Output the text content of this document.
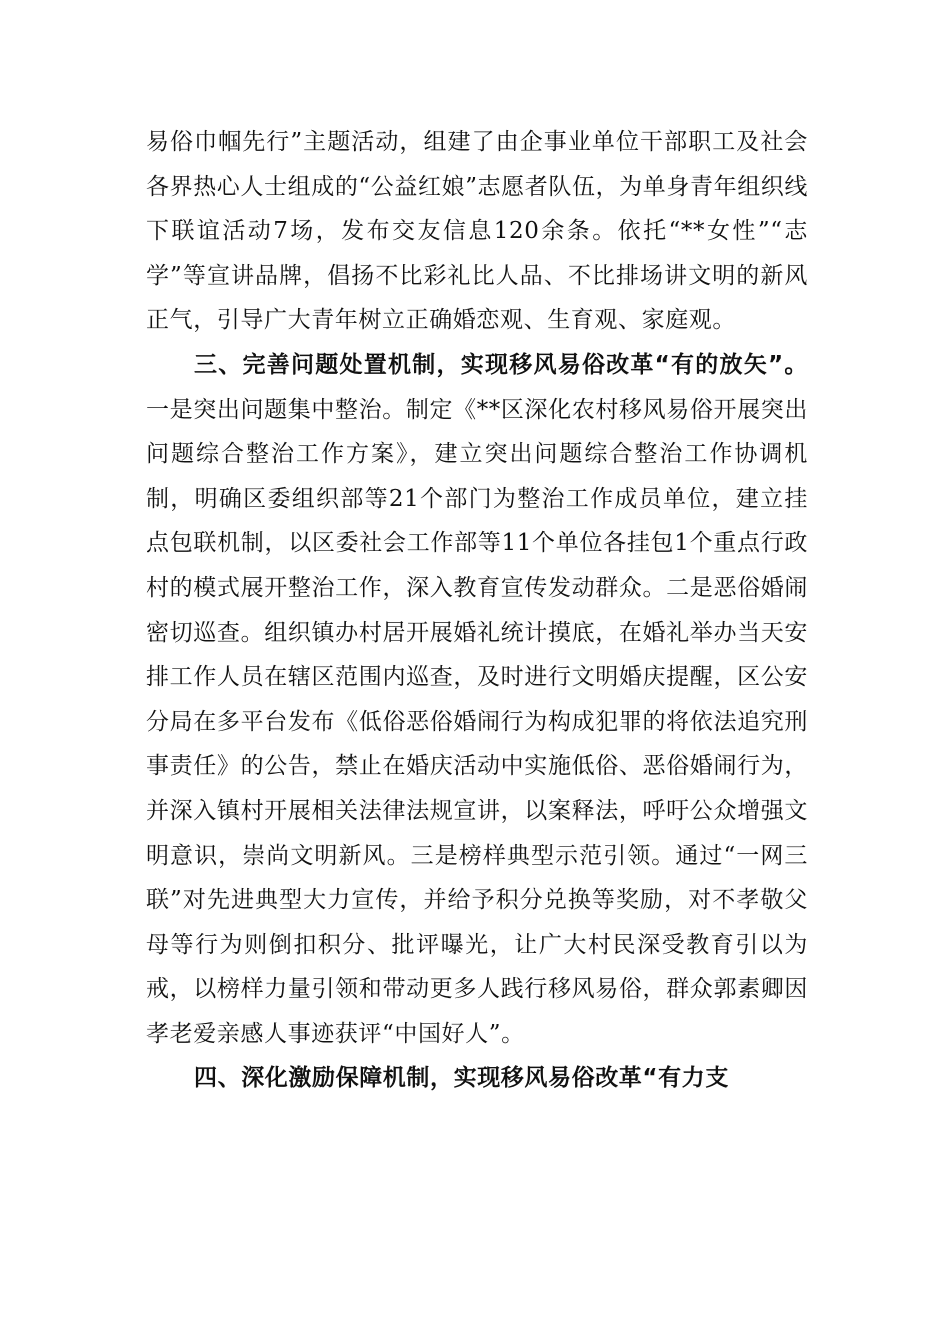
易俗巾帼先行”主题活动，组建了由企事业单位干部职工及社会各界热心人士组成的“公益红娘”志愿者队伍，为单身青年组织线下联谊活动7场，发布交友信息120余条。依托“**女性”“志学”等宣讲品牌，倡扬不比彩礼比人品、不比排场讲文明的新风正气，引导广大青年树立正确婚恋观、生育观、家庭观。

三、完善问题处置机制，实现移风易俗改革“有的放矢”。一是突出问题集中整治。制定《**区深化农村移风易俗开展突出问题综合整治工作方案》，建立突出问题综合整治工作协调机制，明确区委组织部等21个部门为整治工作成员单位，建立挂点包联机制，以区委社会工作部等11个单位各挂包1个重点行政村的模式展开整治工作，深入教育宣传发动群众。二是恶俗婚闹密切巡查。组织镇办村居开展婚礼统计摸底，在婚礼举办当天安排工作人员在辖区范围内巡查，及时进行文明婚庆提醒，区公安分局在多平台发布《低俗恶俗婚闹行为构成犯罪的将依法追究刑事责任》的公告，禁止在婚庆活动中实施低俗、恶俗婚闹行为，并深入镇村开展相关法律法规宣讲，以案释法，呼吁公众增强文明意识，崇尚文明新风。三是榜样典型示范引领。通过“一网三联”对先进典型大力宣传，并给予积分兑换等奖励，对不孝敬父母等行为则倒扣积分、批评曝光，让广大村民深受教育引以为戒，以榜样力量引领和带动更多人践行移风易俗，群众郭素卿因孝老爱亲感人事迹获评“中国好人”。

四、深化激励保障机制，实现移风易俗改革“有力支
